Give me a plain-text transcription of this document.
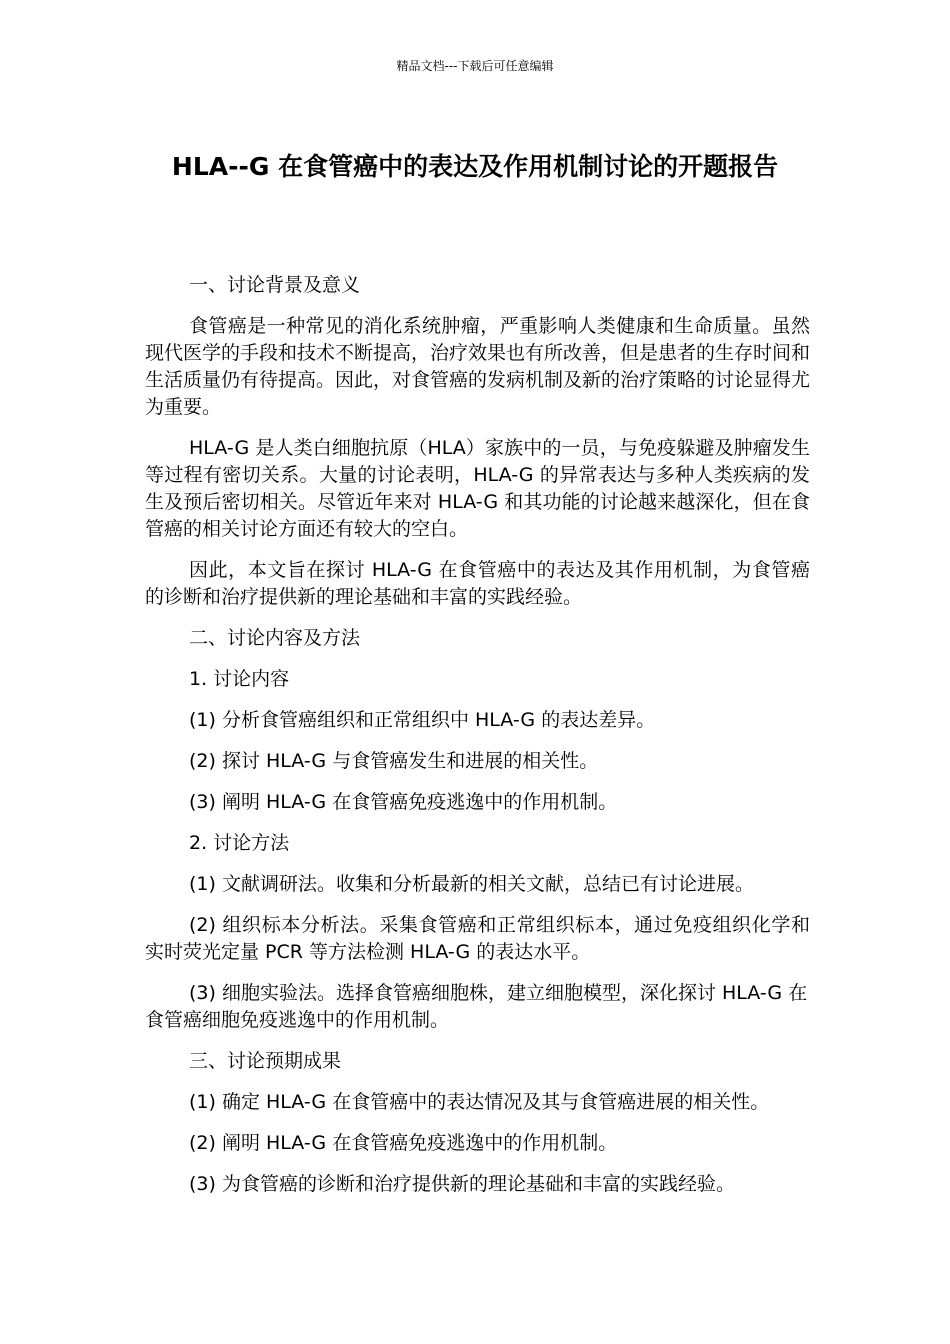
精品文档---下载后可任意编辑
HLA--G 在食管癌中的表达及作用机制讨论的开题报告

一、讨论背景及意义

食管癌是一种常见的消化系统肿瘤，严重影响人类健康和生命质量。虽然现代医学的手段和技术不断提高，治疗效果也有所改善，但是患者的生存时间和生活质量仍有待提高。因此，对食管癌的发病机制及新的治疗策略的讨论显得尤为重要。

HLA-G 是人类白细胞抗原（HLA）家族中的一员，与免疫躲避及肿瘤发生等过程有密切关系。大量的讨论表明，HLA-G 的异常表达与多种人类疾病的发生及预后密切相关。尽管近年来对 HLA-G 和其功能的讨论越来越深化，但在食管癌的相关讨论方面还有较大的空白。

因此，本文旨在探讨 HLA-G 在食管癌中的表达及其作用机制，为食管癌的诊断和治疗提供新的理论基础和丰富的实践经验。

二、讨论内容及方法

1. 讨论内容

(1) 分析食管癌组织和正常组织中 HLA-G 的表达差异。

(2) 探讨 HLA-G 与食管癌发生和进展的相关性。

(3) 阐明 HLA-G 在食管癌免疫逃逸中的作用机制。

2. 讨论方法

(1) 文献调研法。收集和分析最新的相关文献，总结已有讨论进展。

(2) 组织标本分析法。采集食管癌和正常组织标本，通过免疫组织化学和实时荧光定量 PCR 等方法检测 HLA-G 的表达水平。

(3) 细胞实验法。选择食管癌细胞株，建立细胞模型，深化探讨 HLA-G 在食管癌细胞免疫逃逸中的作用机制。

三、讨论预期成果

(1) 确定 HLA-G 在食管癌中的表达情况及其与食管癌进展的相关性。

(2) 阐明 HLA-G 在食管癌免疫逃逸中的作用机制。

(3) 为食管癌的诊断和治疗提供新的理论基础和丰富的实践经验。
